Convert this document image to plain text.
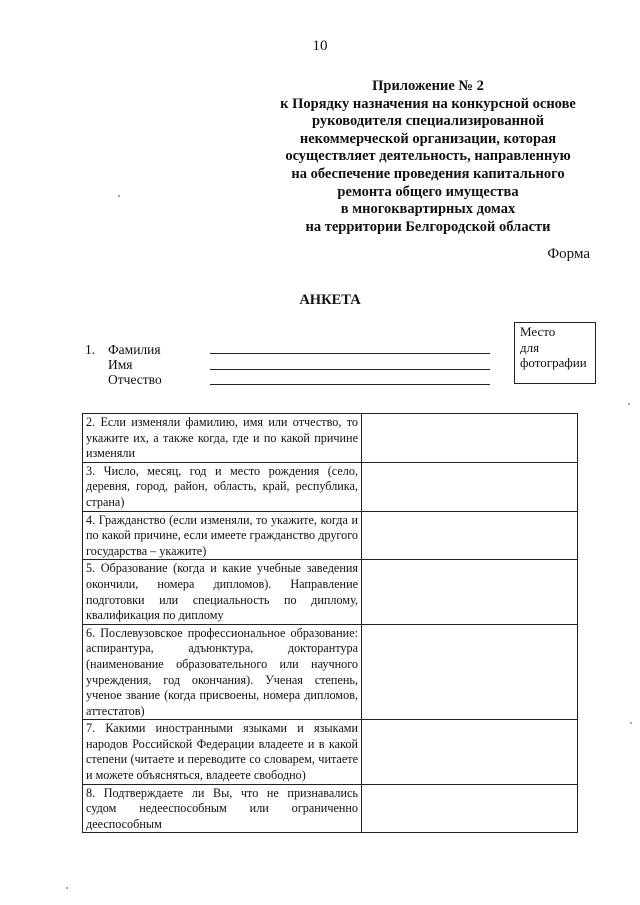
10
Приложение № 2
к Порядку назначения на конкурсной основе
руководителя специализированной
некоммерческой организации, которая
осуществляет деятельность, направленную
на обеспечение проведения капитального
ремонта общего имущества
в многоквартирных домах
на территории Белгородской области
Форма
АНКЕТА
Место
для
фотографии
1. Фамилия
Имя
Отчество
2. Если изменяли фамилию, имя или отчество, то укажите их, а также когда, где и по какой причине изменяли	
3. Число, месяц, год и место рождения (село, деревня, город, район, область, край, республика, страна)	
4. Гражданство (если изменяли, то укажите, когда и по какой причине, если имеете гражданство другого государства – укажите)	
5. Образование (когда и какие учебные заведения окончили, номера дипломов). Направление подготовки или специальность по диплому, квалификация по диплому	
6. Послевузовское профессиональное образование: аспирантура, адъюнктура, докторантура (наименование образовательного или научного учреждения, год окончания). Ученая степень, ученое звание (когда присвоены, номера дипломов, аттестатов)	
7. Какими иностранными языками и языками народов Российской Федерации владеете и в какой степени (читаете и переводите со словарем, читаете и можете объясняться, владеете свободно)	
8. Подтверждаете ли Вы, что не признавались судом недееспособным или ограниченно дееспособным	
